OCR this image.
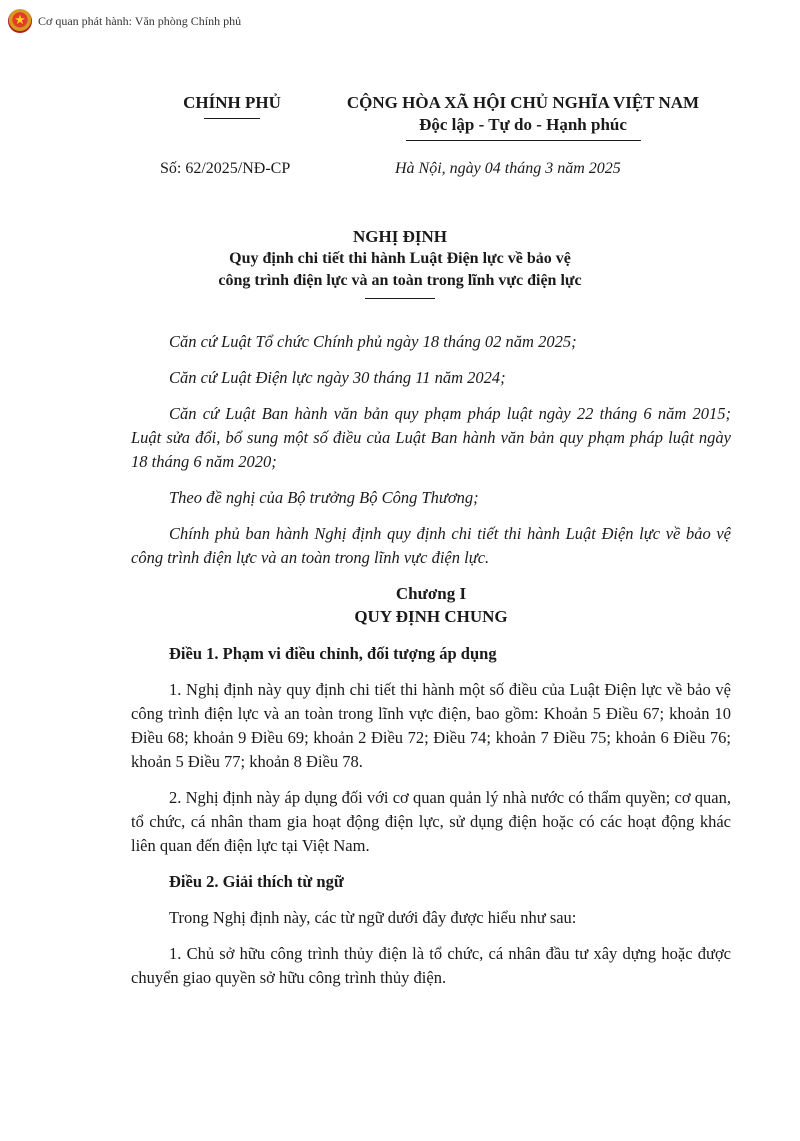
★
Cơ quan phát hành: Văn phòng Chính phủ
CHÍNH PHỦ	CỘNG HÒA XÃ HỘI CHỦ NGHĨA VIỆT NAM
Độc lập - Tự do - Hạnh phúc
Số: 62/2025/NĐ-CP	Hà Nội, ngày 04 tháng 3 năm 2025
NGHỊ ĐỊNH
Quy định chi tiết thi hành Luật Điện lực về bảo vệ
công trình điện lực và an toàn trong lĩnh vực điện lực

Căn cứ Luật Tổ chức Chính phủ ngày 18 tháng 02 năm 2025;

Căn cứ Luật Điện lực ngày 30 tháng 11 năm 2024;

Căn cứ Luật Ban hành văn bản quy phạm pháp luật ngày 22 tháng 6 năm 2015; Luật sửa đổi, bổ sung một số điều của Luật Ban hành văn bản quy phạm pháp luật ngày 18 tháng 6 năm 2020;

Theo đề nghị của Bộ trưởng Bộ Công Thương;

Chính phủ ban hành Nghị định quy định chi tiết thi hành Luật Điện lực về bảo vệ công trình điện lực và an toàn trong lĩnh vực điện lực.

Chương I
QUY ĐỊNH CHUNG

Điều 1. Phạm vi điều chỉnh, đối tượng áp dụng

1. Nghị định này quy định chi tiết thi hành một số điều của Luật Điện lực về bảo vệ công trình điện lực và an toàn trong lĩnh vực điện, bao gồm: Khoản 5 Điều 67; khoản 10 Điều 68; khoản 9 Điều 69; khoản 2 Điều 72; Điều 74; khoản 7 Điều 75; khoản 6 Điều 76; khoản 5 Điều 77; khoản 8 Điều 78.

2. Nghị định này áp dụng đối với cơ quan quản lý nhà nước có thẩm quyền; cơ quan, tổ chức, cá nhân tham gia hoạt động điện lực, sử dụng điện hoặc có các hoạt động khác liên quan đến điện lực tại Việt Nam.

Điều 2. Giải thích từ ngữ

Trong Nghị định này, các từ ngữ dưới đây được hiểu như sau:

1. Chủ sở hữu công trình thủy điện là tổ chức, cá nhân đầu tư xây dựng hoặc được chuyển giao quyền sở hữu công trình thủy điện.
